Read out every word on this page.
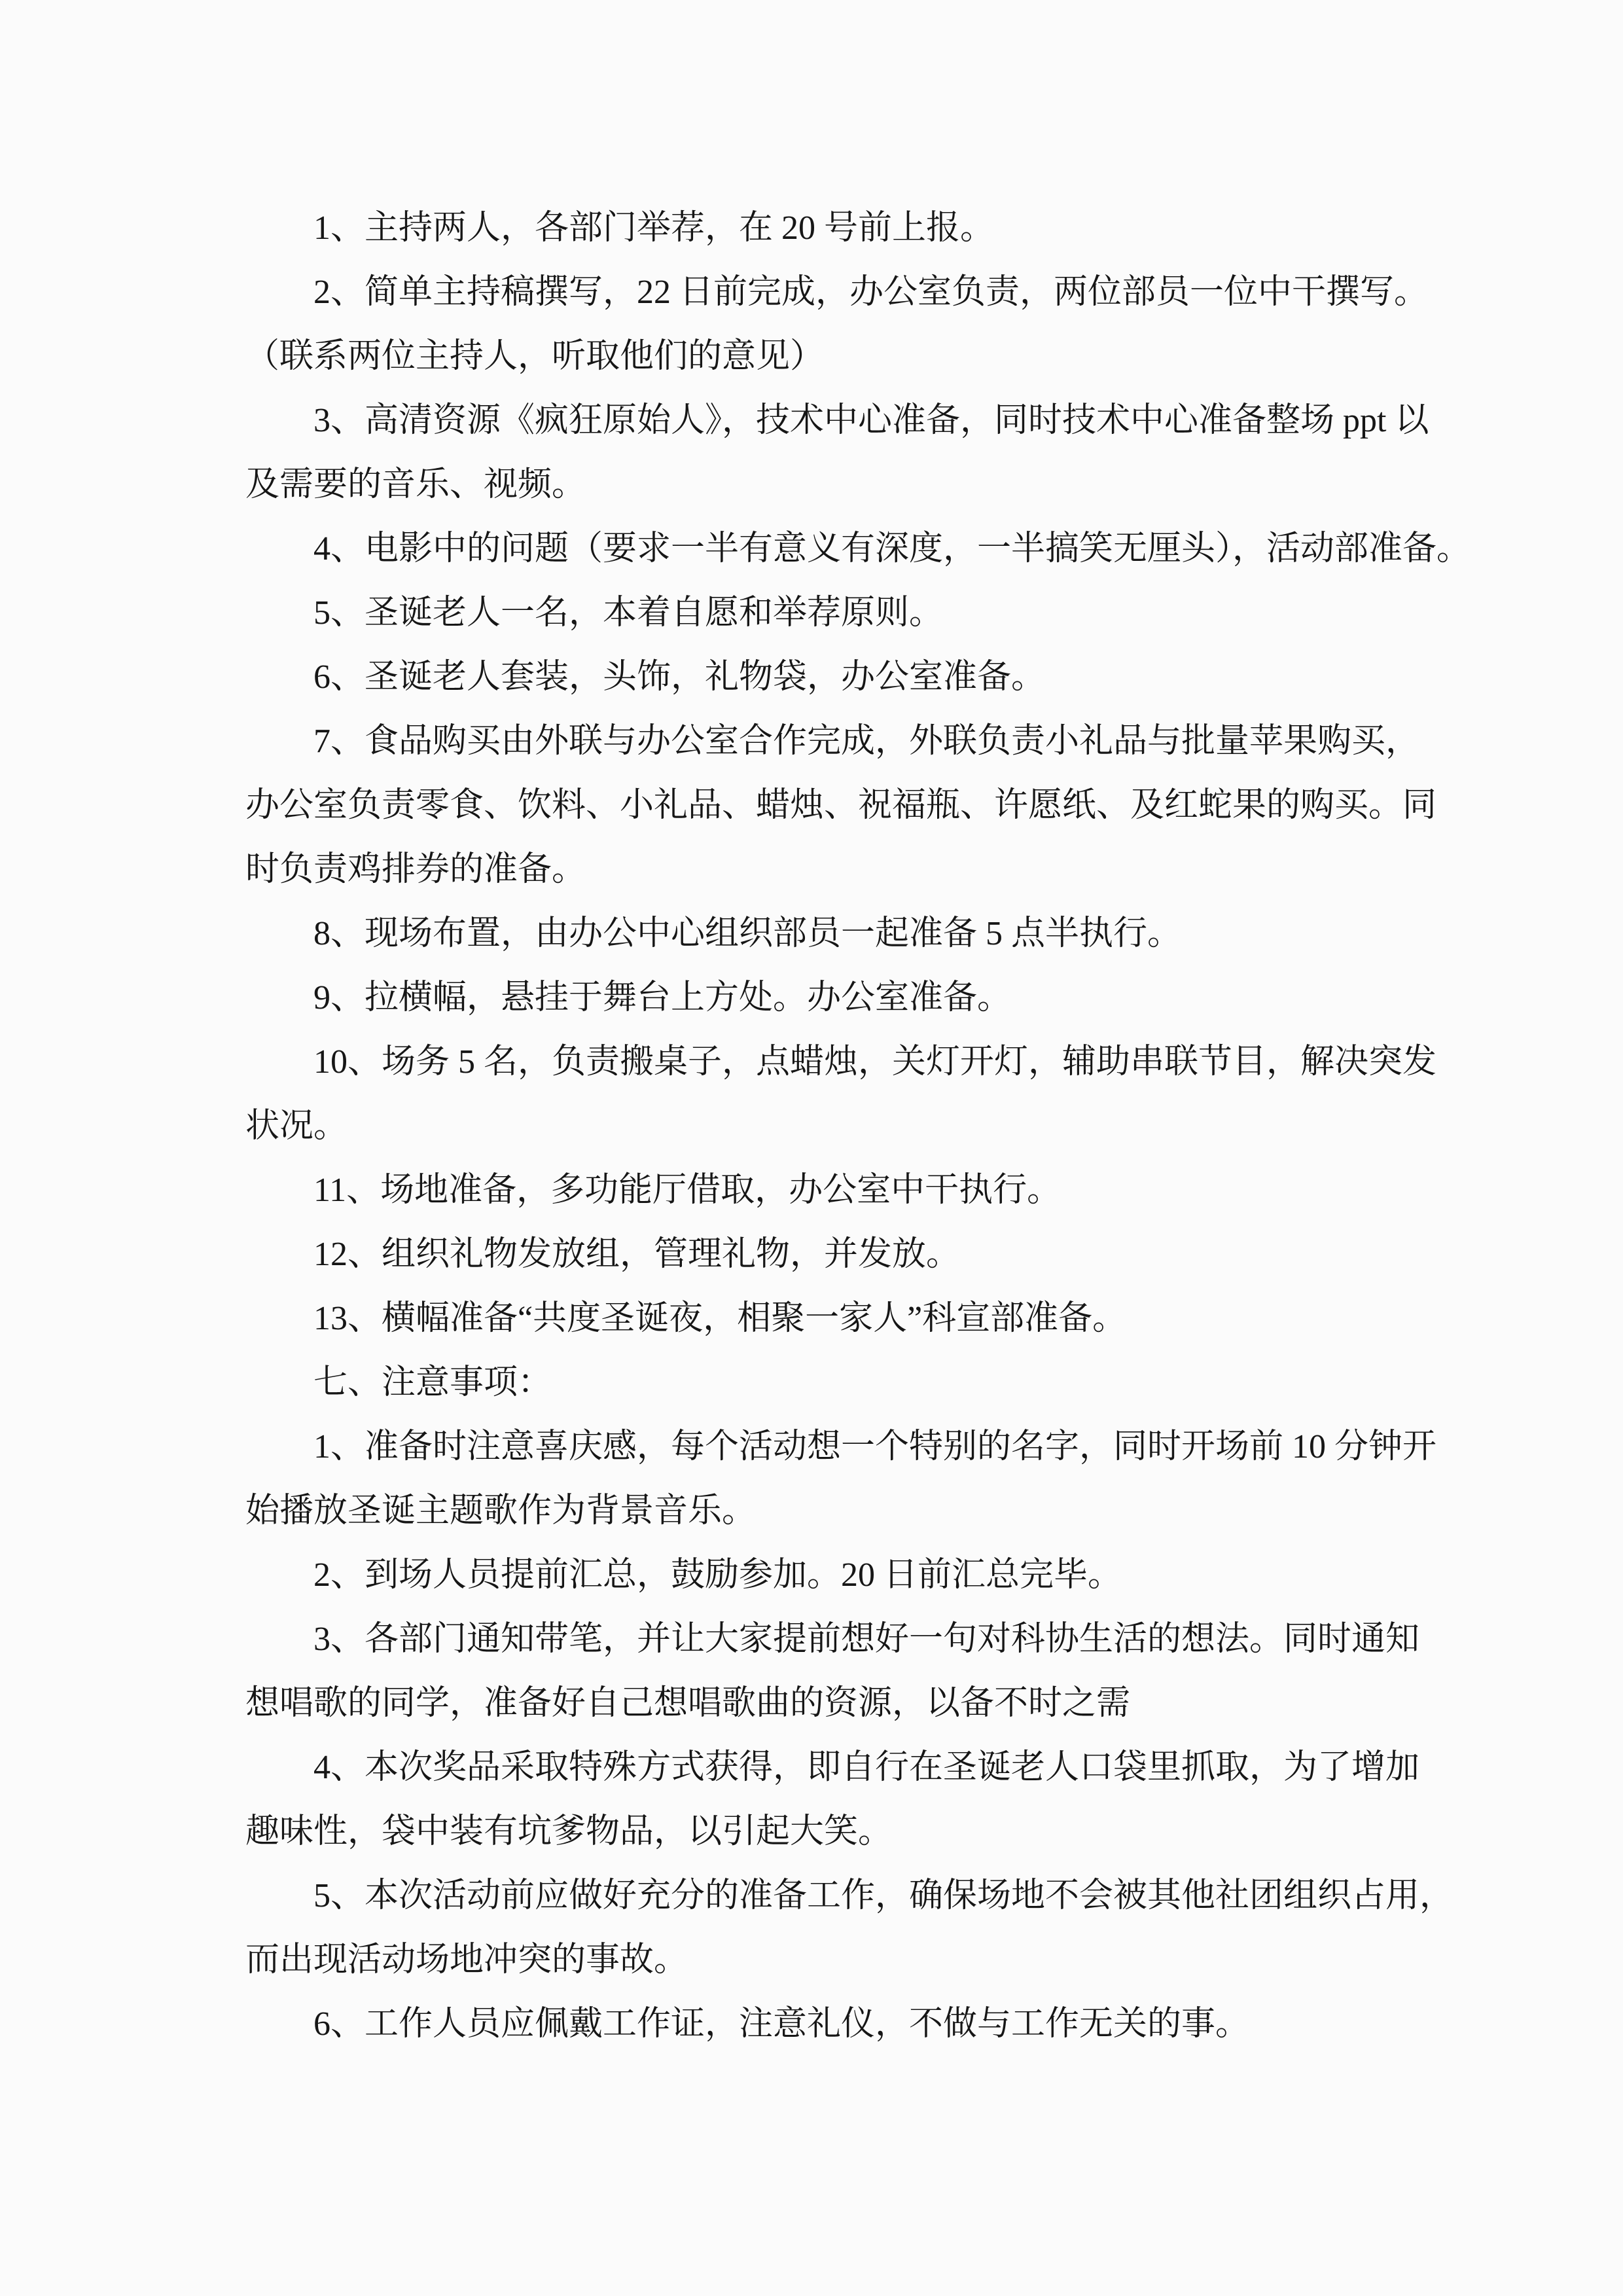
1、主持两人，各部门举荐，在 20 号前上报。
2、简单主持稿撰写，22 日前完成，办公室负责，两位部员一位中干撰写。
（联系两位主持人，听取他们的意见）
3、高清资源《疯狂原始人》，技术中心准备，同时技术中心准备整场 ppt 以
及需要的音乐、视频。
4、电影中的问题（要求一半有意义有深度，一半搞笑无厘头），活动部准备。
5、圣诞老人一名，本着自愿和举荐原则。
6、圣诞老人套装，头饰，礼物袋，办公室准备。
7、食品购买由外联与办公室合作完成，外联负责小礼品与批量苹果购买，
办公室负责零食、饮料、小礼品、蜡烛、祝福瓶、许愿纸、及红蛇果的购买。同
时负责鸡排券的准备。
8、现场布置，由办公中心组织部员一起准备 5 点半执行。
9、拉横幅，悬挂于舞台上方处。办公室准备。
10、场务 5 名，负责搬桌子，点蜡烛，关灯开灯，辅助串联节目，解决突发
状况。
11、场地准备，多功能厅借取，办公室中干执行。
12、组织礼物发放组，管理礼物，并发放。
13、横幅准备“共度圣诞夜，相聚一家人”科宣部准备。
七、注意事项：
1、准备时注意喜庆感，每个活动想一个特别的名字，同时开场前 10 分钟开
始播放圣诞主题歌作为背景音乐。
2、到场人员提前汇总，鼓励参加。20 日前汇总完毕。
3、各部门通知带笔，并让大家提前想好一句对科协生活的想法。同时通知
想唱歌的同学，准备好自己想唱歌曲的资源，以备不时之需
4、本次奖品采取特殊方式获得，即自行在圣诞老人口袋里抓取，为了增加
趣味性，袋中装有坑爹物品，以引起大笑。
5、本次活动前应做好充分的准备工作，确保场地不会被其他社团组织占用，
而出现活动场地冲突的事故。
6、工作人员应佩戴工作证，注意礼仪，不做与工作无关的事。
